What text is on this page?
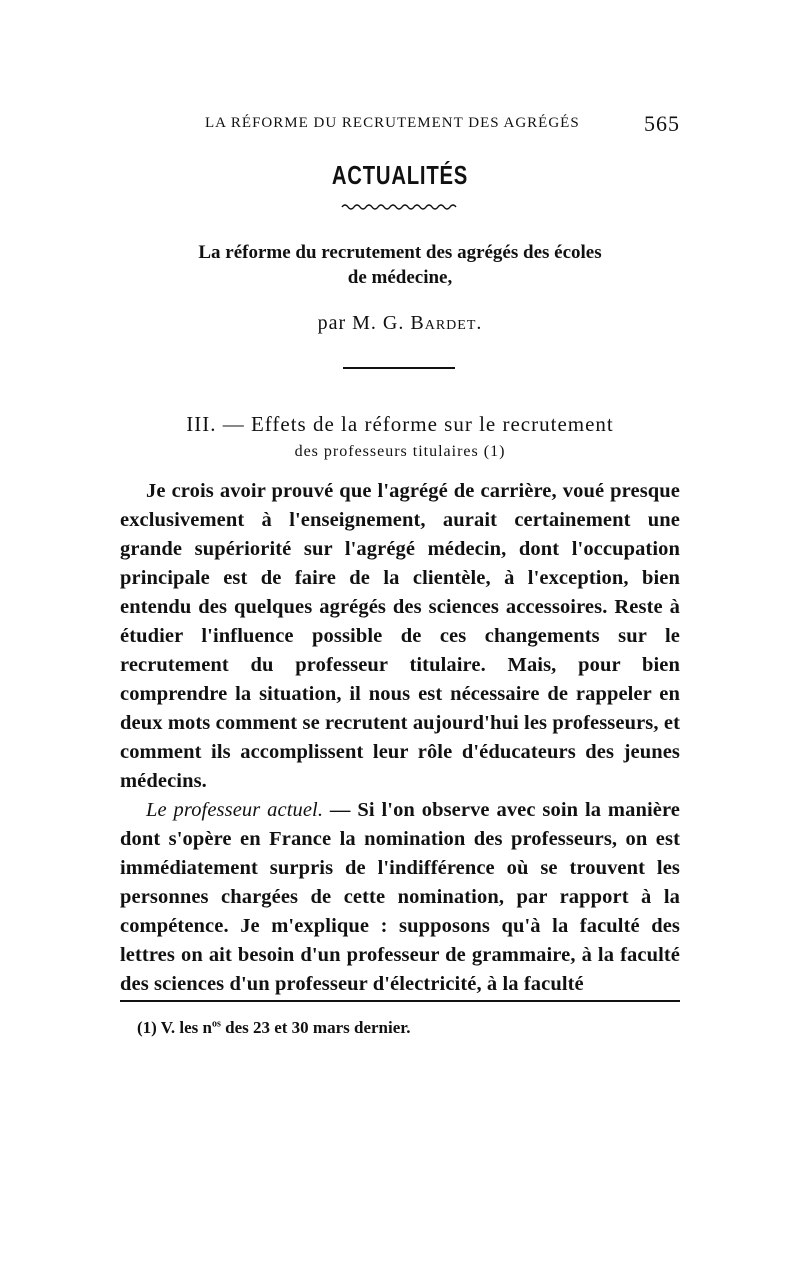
LA RÉFORME DU RECRUTEMENT DES AGRÉGÉS	565
ACTUALITÉS
La réforme du recrutement des agrégés des écoles
de médecine,
par M. G. Bardet.
III. — Effets de la réforme sur le recrutement
des professeurs titulaires (1)

Je crois avoir prouvé que l'agrégé de carrière, voué presque exclusivement à l'enseignement, aurait certainement une grande supériorité sur l'agrégé médecin, dont l'occupation principale est de faire de la clientèle, à l'exception, bien entendu des quelques agrégés des sciences accessoires. Reste à étudier l'influence possible de ces changements sur le recrutement du professeur titulaire. Mais, pour bien comprendre la situation, il nous est nécessaire de rappeler en deux mots comment se recrutent aujourd'hui les professeurs, et comment ils accomplissent leur rôle d'éducateurs des jeunes médecins.

Le professeur actuel. — Si l'on observe avec soin la manière dont s'opère en France la nomination des professeurs, on est immédiatement surpris de l'indifférence où se trouvent les personnes chargées de cette nomination, par rapport à la compétence. Je m'explique : supposons qu'à la faculté des lettres on ait besoin d'un professeur de grammaire, à la faculté des sciences d'un professeur d'électricité, à la faculté

(1) V. les $n^{os}$ des 23 et 30 mars dernier.
